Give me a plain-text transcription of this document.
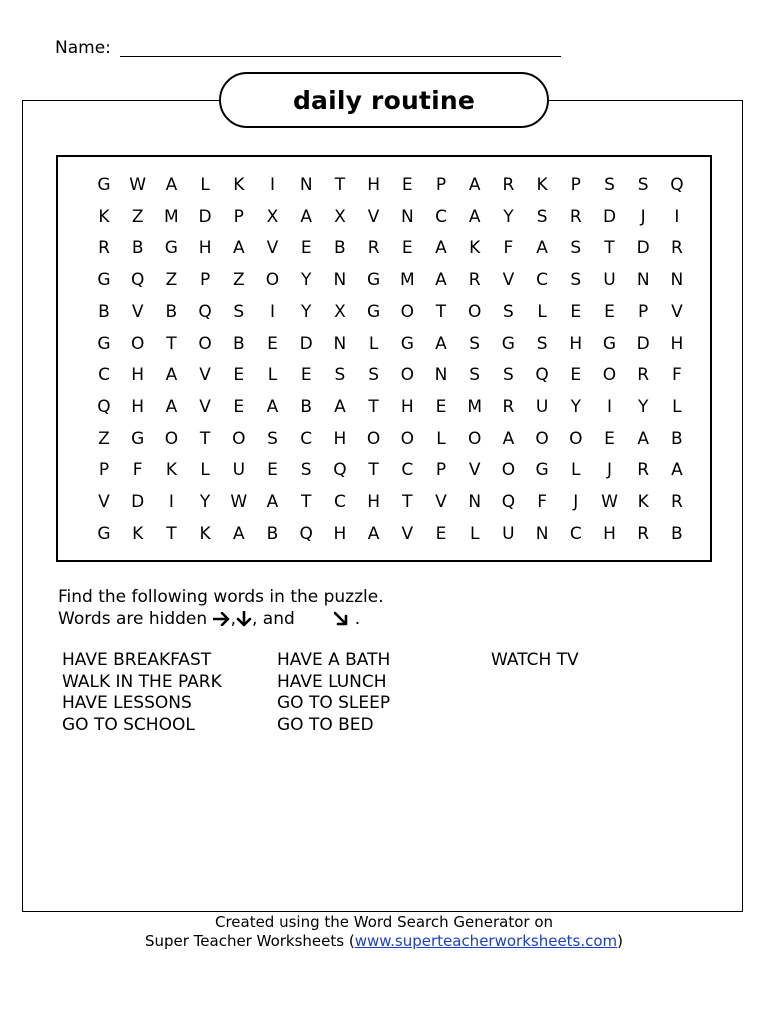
Name:
daily routine
G	W	A	L	K	I	N	T	H	E	P	A	R	K	P	S	S	Q
K	Z	M	D	P	X	A	X	V	N	C	A	Y	S	R	D	J	I
R	B	G	H	A	V	E	B	R	E	A	K	F	A	S	T	D	R
G	Q	Z	P	Z	O	Y	N	G	M	A	R	V	C	S	U	N	N
B	V	B	Q	S	I	Y	X	G	O	T	O	S	L	E	E	P	V
G	O	T	O	B	E	D	N	L	G	A	S	G	S	H	G	D	H
C	H	A	V	E	L	E	S	S	O	N	S	S	Q	E	O	R	F
Q	H	A	V	E	A	B	A	T	H	E	M	R	U	Y	I	Y	L
Z	G	O	T	O	S	C	H	O	O	L	O	A	O	O	E	A	B
P	F	K	L	U	E	S	Q	T	C	P	V	O	G	L	J	R	A
V	D	I	Y	W	A	T	C	H	T	V	N	Q	F	J	W	K	R
G	K	T	K	A	B	Q	H	A	V	E	L	U	N	C	H	R	B
Find the following words in the puzzle.
Words are hidden
, , and	.
HAVE BREAKFAST
WALK IN THE PARK
HAVE LESSONS
GO TO SCHOOL
HAVE A BATH
HAVE LUNCH
GO TO SLEEP
GO TO BED
WATCH TV
Created using the Word Search Generator on
Super Teacher Worksheets (www.superteacherworksheets.com)
